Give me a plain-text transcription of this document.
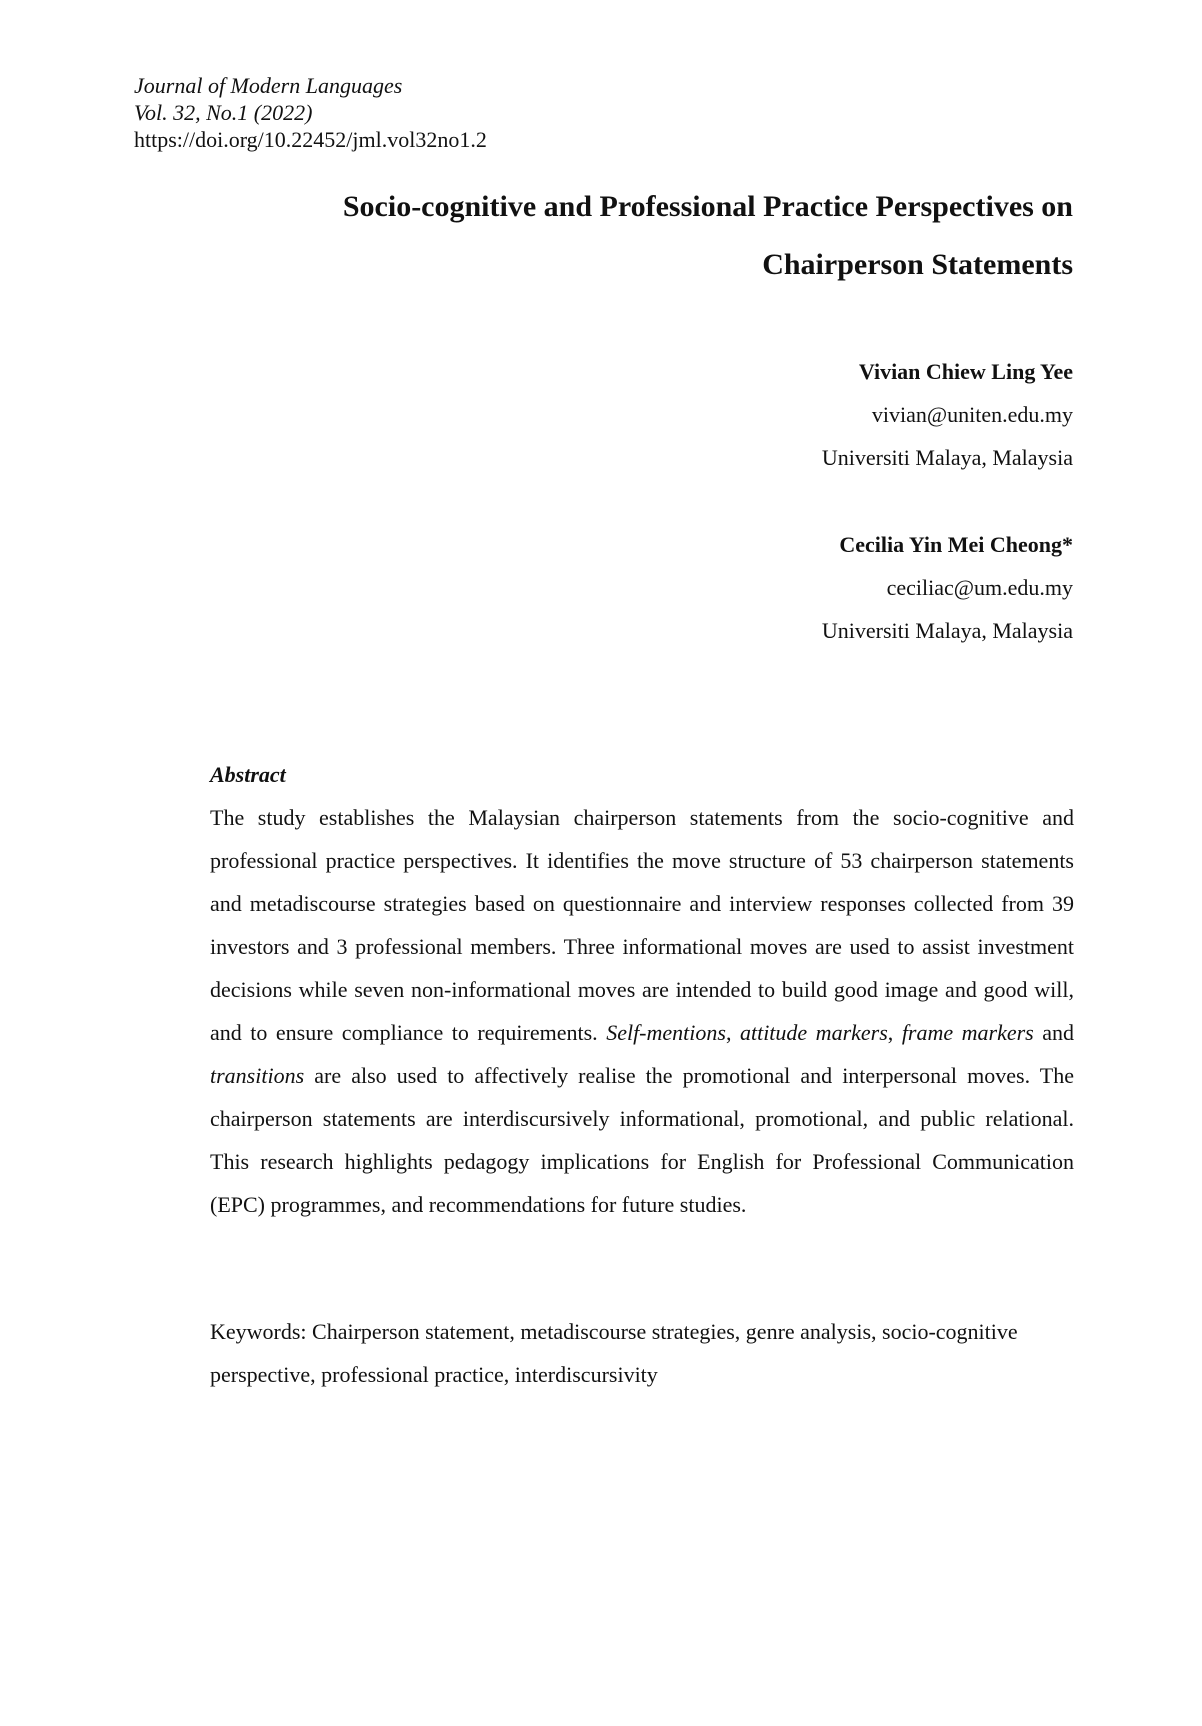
Journal of Modern Languages
Vol. 32, No.1 (2022)
https://doi.org/10.22452/jml.vol32no1.2
Socio-cognitive and Professional Practice Perspectives on
Chairperson Statements
Vivian Chiew Ling Yee
vivian@uniten.edu.my
Universiti Malaya, Malaysia
Cecilia Yin Mei Cheong*
ceciliac@um.edu.my
Universiti Malaya, Malaysia
Abstract

The study establishes the Malaysian chairperson statements from the socio-cognitive and professional practice perspectives. It identifies the move structure of 53 chairperson statements and metadiscourse strategies based on questionnaire and interview responses collected from 39 investors and 3 professional members. Three informational moves are used to assist investment decisions while seven non-informational moves are intended to build good image and good will, and to ensure compliance to requirements. Self-mentions, attitude markers, frame markers and transitions are also used to affectively realise the promotional and interpersonal moves. The chairperson statements are interdiscursively informational, promotional, and public relational. This research highlights pedagogy implications for English for Professional Communication (EPC) programmes, and recommendations for future studies.

Keywords: Chairperson statement, metadiscourse strategies, genre analysis, socio-cognitive perspective, professional practice, interdiscursivity
